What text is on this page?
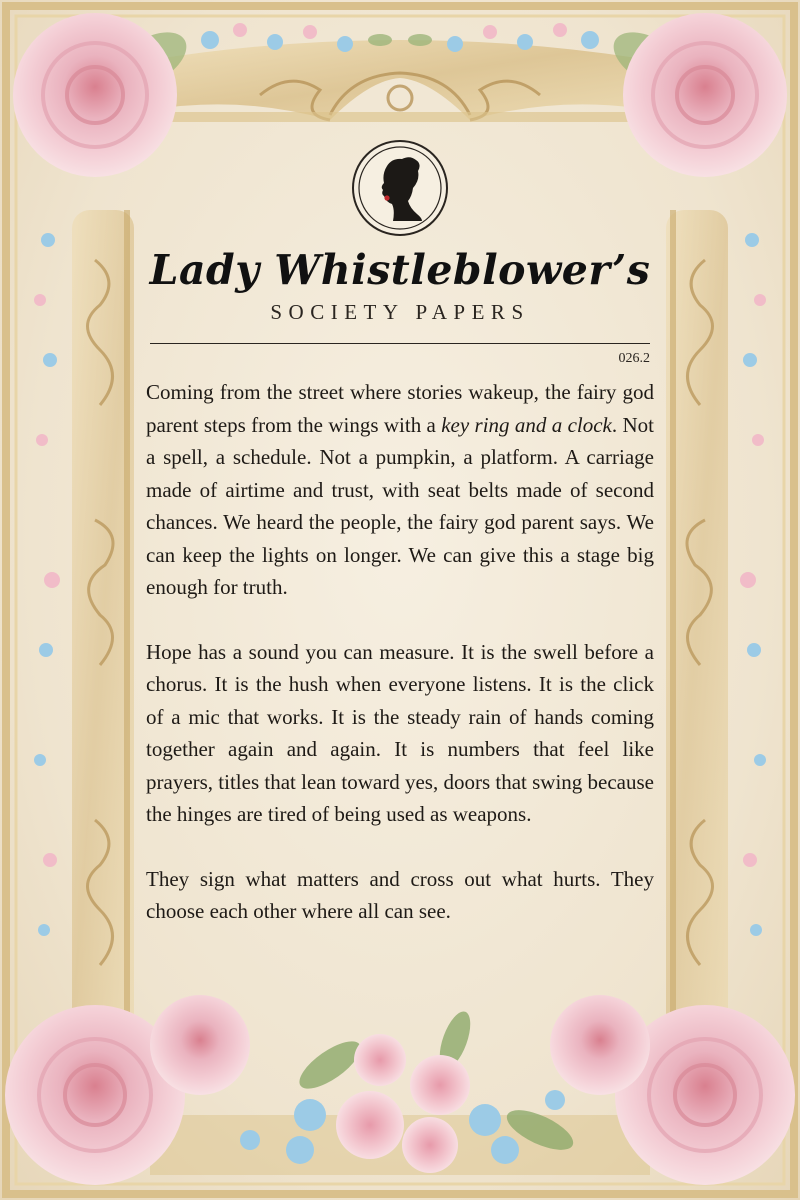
Lady Whistleblower’s
SOCIETY PAPERS
026.2

Coming from the street where stories wakeup, the fairy god parent steps from the wings with a key ring and a clock. Not a spell, a schedule. Not a pumpkin, a platform. A carriage made of airtime and trust, with seat belts made of second chances. We heard the people, the fairy god parent says. We can keep the lights on longer. We can give this a stage big enough for truth.

Hope has a sound you can measure. It is the swell before a chorus. It is the hush when everyone listens. It is the click of a mic that works. It is the steady rain of hands coming together again and again. It is numbers that feel like prayers, titles that lean toward yes, doors that swing because the hinges are tired of being used as weapons.

They sign what matters and cross out what hurts. They choose each other where all can see.
